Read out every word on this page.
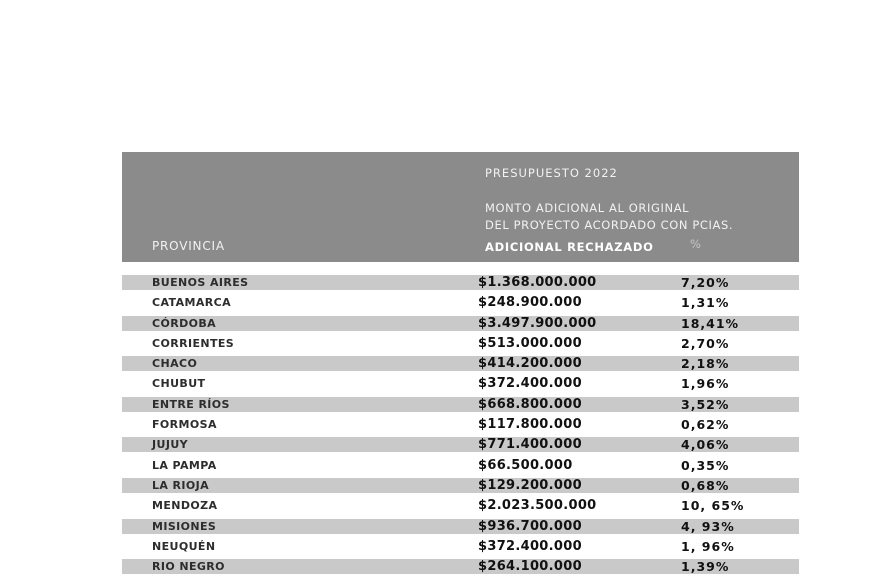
PROVINCIA
PRESUPUESTO 2022
MONTO ADICIONAL AL ORIGINAL
DEL PROYECTO ACORDADO CON PCIAS.
ADICIONAL RECHAZADO	%
BUENOS AIRES	$1.368.000.000	7,20%
CATAMARCA	$248.900.000	1,31%
CÓRDOBA	$3.497.900.000	18,41%
CORRIENTES	$513.000.000	2,70%
CHACO	$414.200.000	2,18%
CHUBUT	$372.400.000	1,96%
ENTRE RÍOS	$668.800.000	3,52%
FORMOSA	$117.800.000	0,62%
JUJUY	$771.400.000	4,06%
LA PAMPA	$66.500.000	0,35%
LA RIOJA	$129.200.000	0,68%
MENDOZA	$2.023.500.000	10, 65%
MISIONES	$936.700.000	4, 93%
NEUQUÉN	$372.400.000	1, 96%
RIO NEGRO	$264.100.000	1,39%
